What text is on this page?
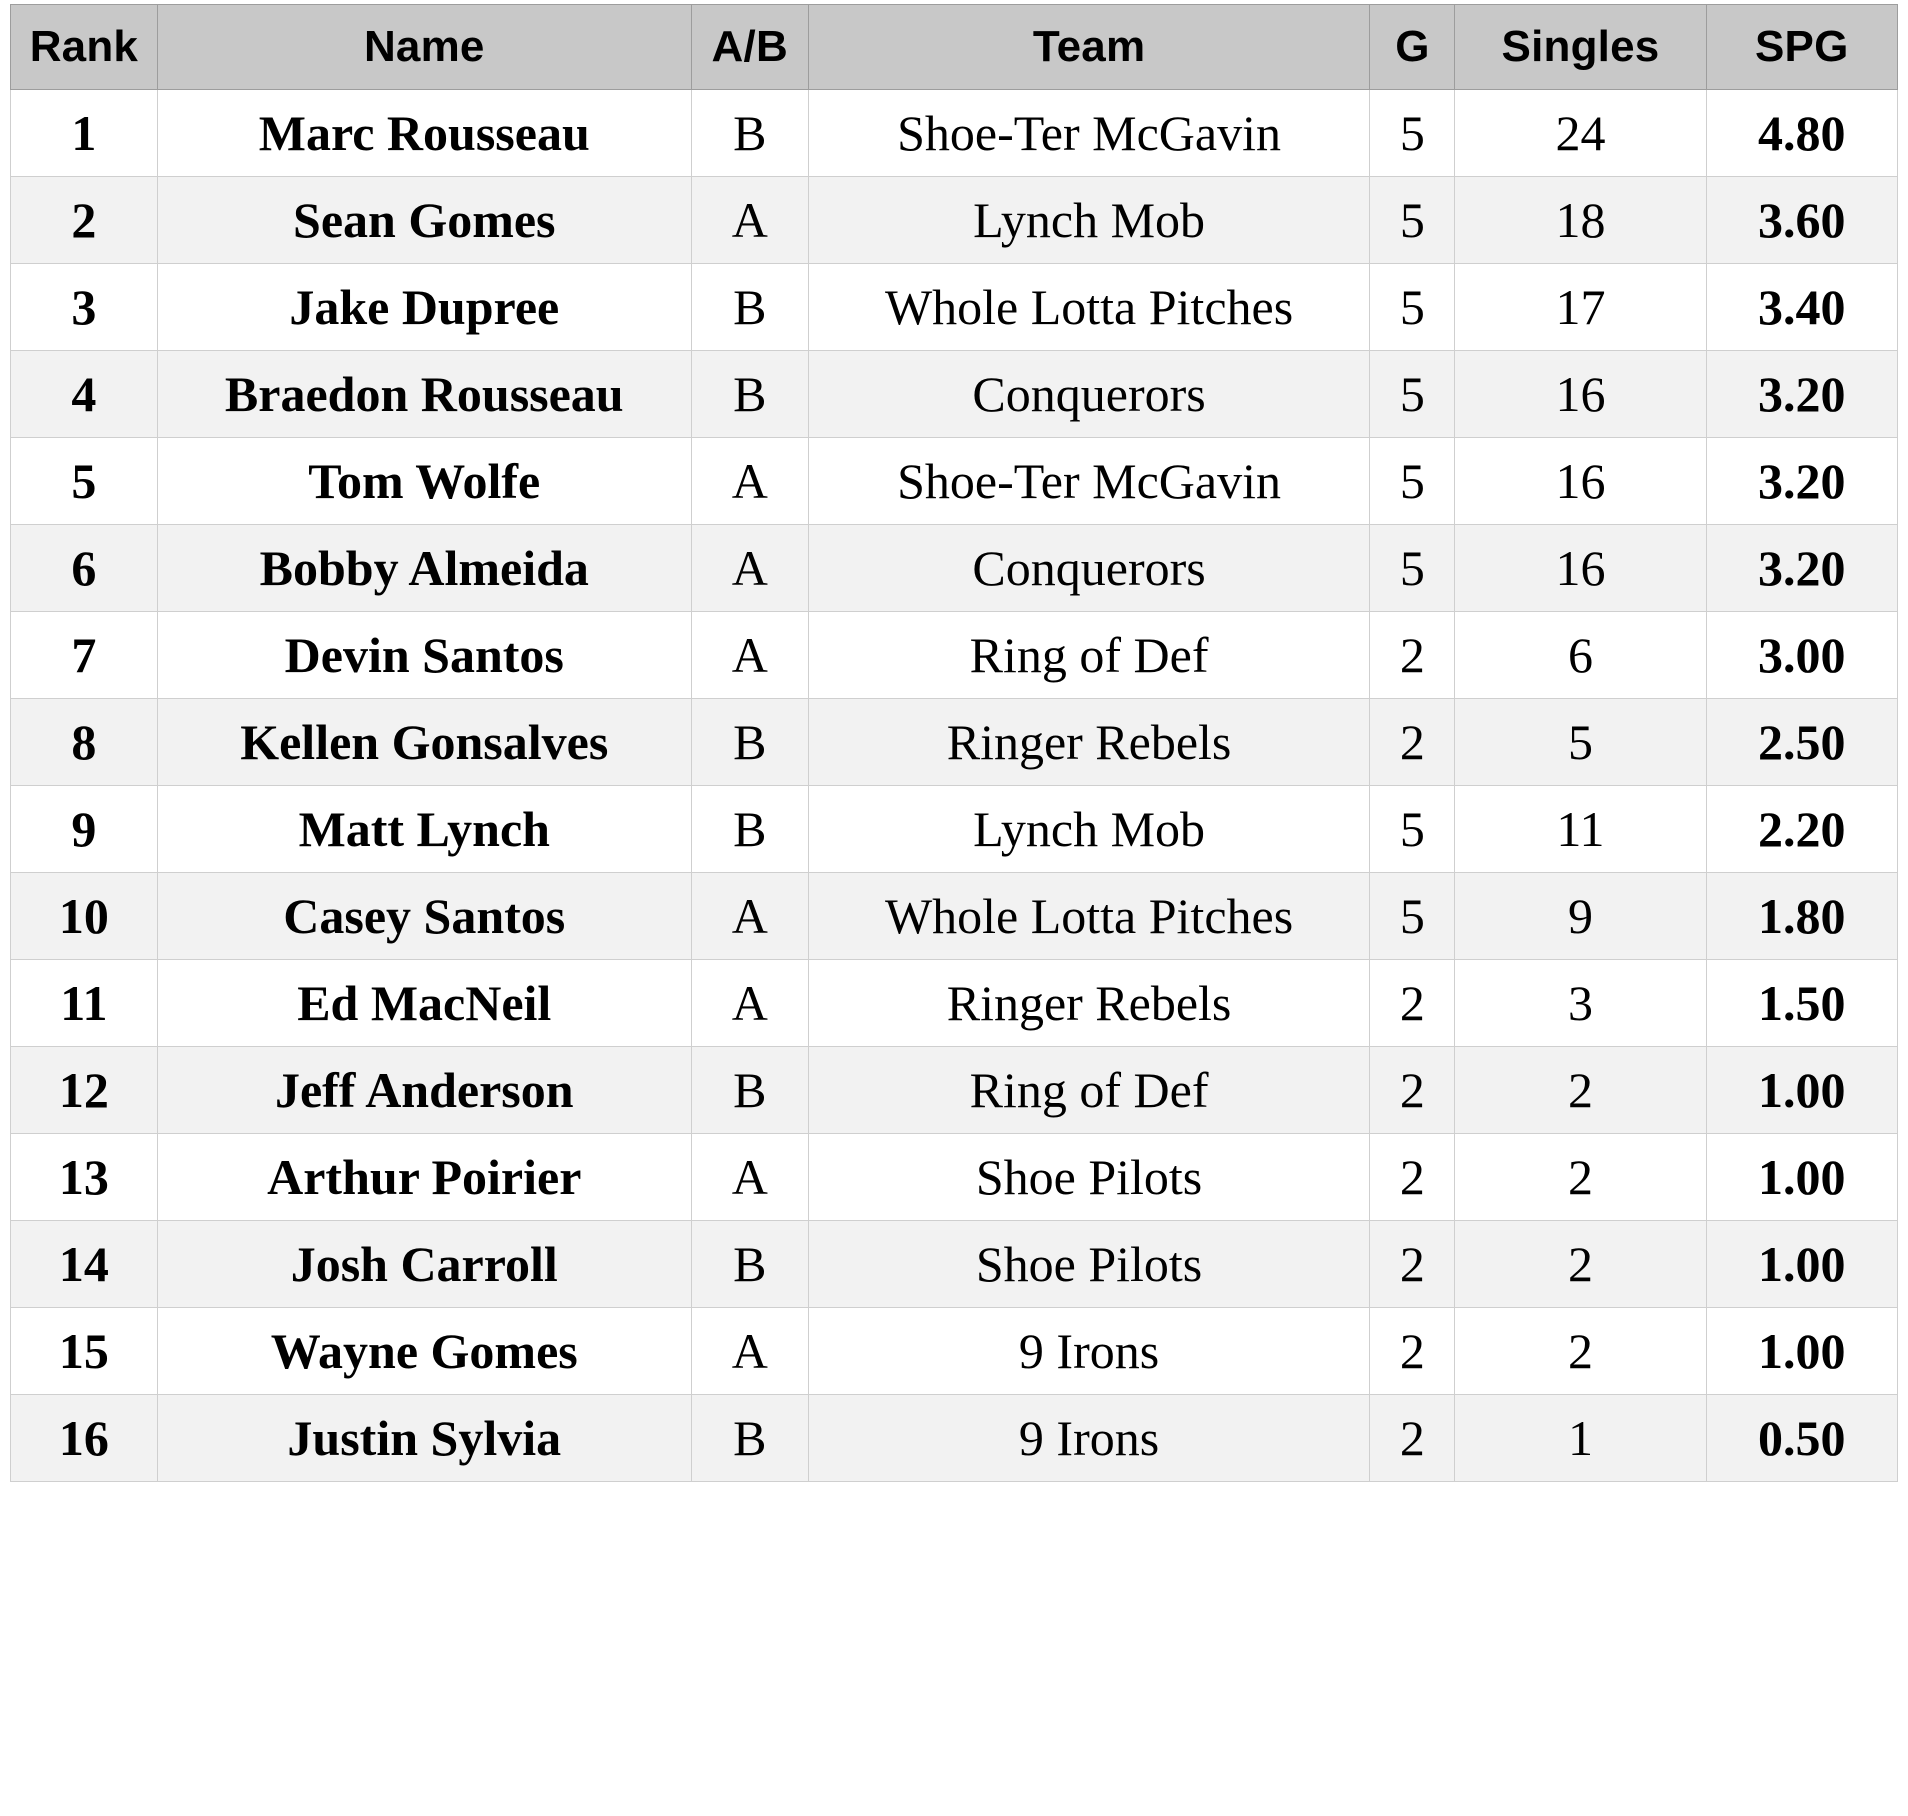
Rank	Name	A/B	Team	G	Singles	SPG
1	Marc Rousseau	B	Shoe-Ter McGavin	5	24	4.80
2	Sean Gomes	A	Lynch Mob	5	18	3.60
3	Jake Dupree	B	Whole Lotta Pitches	5	17	3.40
4	Braedon Rousseau	B	Conquerors	5	16	3.20
5	Tom Wolfe	A	Shoe-Ter McGavin	5	16	3.20
6	Bobby Almeida	A	Conquerors	5	16	3.20
7	Devin Santos	A	Ring of Def	2	6	3.00
8	Kellen Gonsalves	B	Ringer Rebels	2	5	2.50
9	Matt Lynch	B	Lynch Mob	5	11	2.20
10	Casey Santos	A	Whole Lotta Pitches	5	9	1.80
11	Ed MacNeil	A	Ringer Rebels	2	3	1.50
12	Jeff Anderson	B	Ring of Def	2	2	1.00
13	Arthur Poirier	A	Shoe Pilots	2	2	1.00
14	Josh Carroll	B	Shoe Pilots	2	2	1.00
15	Wayne Gomes	A	9 Irons	2	2	1.00
16	Justin Sylvia	B	9 Irons	2	1	0.50
